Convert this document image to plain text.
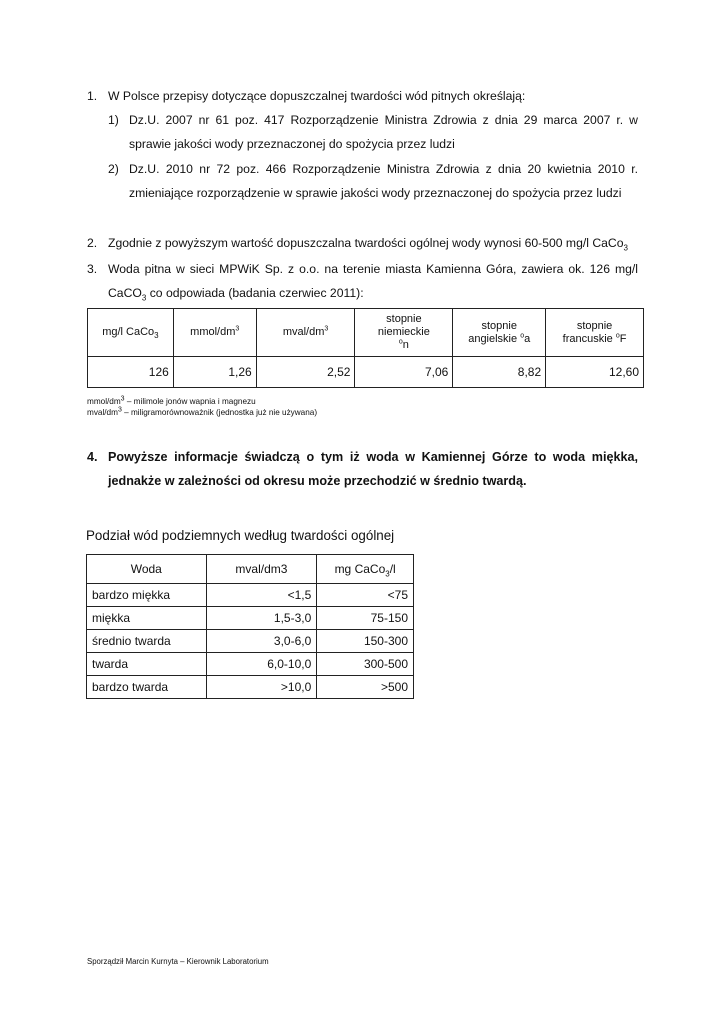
1. W Polsce przepisy dotyczące dopuszczalnej twardości wód pitnych określają:
1) Dz.U. 2007 nr 61 poz. 417 Rozporządzenie Ministra Zdrowia z dnia 29 marca 2007 r. w
sprawie jakości wody przeznaczonej do spożycia przez ludzi
2) Dz.U. 2010 nr 72 poz. 466 Rozporządzenie Ministra Zdrowia z dnia 20 kwietnia 2010 r.
zmieniające rozporządzenie w sprawie jakości wody przeznaczonej do spożycia przez ludzi
2. Zgodnie z powyższym wartość dopuszczalna twardości ogólnej wody wynosi 60-500 mg/l CaCo$_3$
3. Woda pitna w sieci MPWiK Sp. z o.o. na terenie miasta Kamienna Góra, zawiera ok. 126 mg/l
CaCO$_3$ co odpowiada (badania czerwiec 2011):
mg/l CaCo$_3$	mmol/$dm^3$	mval/$dm^3$	stopnie
niemieckie
$^o$n	stopnie
angielskie $^o$a	stopnie
francuskie $^o$F
126	1,26	2,52	7,06	8,82	12,60
mmol/$dm^3$ – milimole jonów wapnia i magnezu
mval/$dm^3$ – miligramorównoważnik (jednostka już nie używana)
4. Powyższe informacje świadczą o tym iż woda w Kamiennej Górze to woda miękka,
jednakże w zależności od okresu może przechodzić w średnio twardą.
Podział wód podziemnych według twardości ogólnej
Woda	mval/dm3	mg CaCo$_3$/l
bardzo miękka	<1,5	<75
miękka	1,5-3,0	75-150
średnio twarda	3,0-6,0	150-300
twarda	6,0-10,0	300-500
bardzo twarda	>10,0	>500
Sporządził Marcin Kurnyta – Kierownik Laboratorium
